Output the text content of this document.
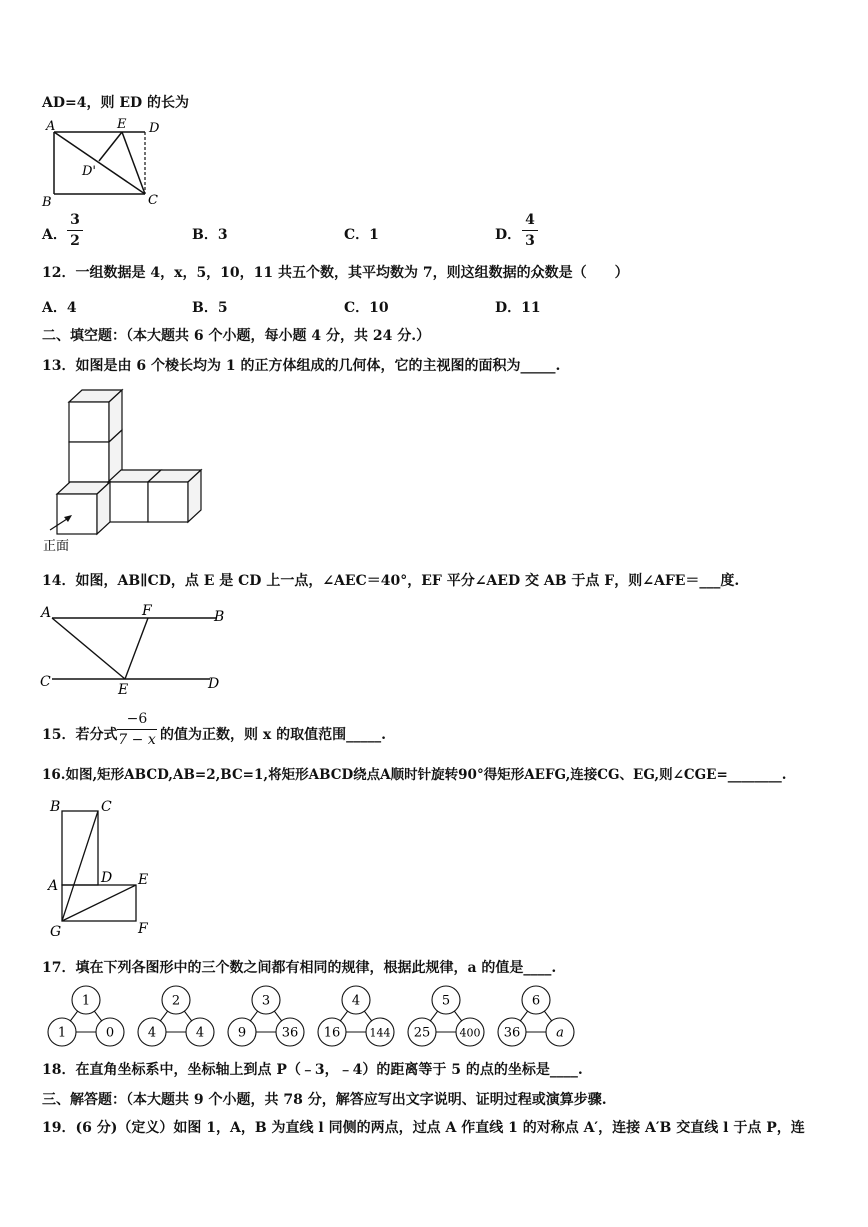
AD=4，则 ED 的长为
A	E D
D'
B	C
A．
3
2	B．3	C．1	D．
4
3
12．一组数据是 4，x，5，10，11 共五个数，其平均数为 7，则这组数据的众数是（　　）
A．4	B．5	C．10	D．11
二、填空题：（本大题共 6 个小题，每小题 4 分，共 24 分.）
13．如图是由 6 个棱长均为 1 的正方体组成的几何体，它的主视图的面积为_____.
正面
14．如图，AB∥CD，点 E 是 CD 上一点，∠AEC＝40°，EF 平分∠AED 交 AB 于点 F，则∠AFE＝___度.
A	F	B
C	E	D
15．若分式
−6
7 − x 的值为正数，则 x 的取值范围_____.
16.如图,矩形ABCD,AB=2,BC=1,将矩形ABCD绕点A顺时针旋转90°得矩形AEFG,连接CG、EG,则∠CGE=________.
B	C
D
A	E
G	F
17．填在下列各图形中的三个数之间都有相同的规律，根据此规律，a 的值是____.
1
1	0
2
4	4
3
9	36
4
16	144
5
25	400
6
36	a
18．在直角坐标系中，坐标轴上到点 P（﹣3，﹣4）的距离等于 5 的点的坐标是____.
三、解答题：（本大题共 9 个小题，共 78 分，解答应写出文字说明、证明过程或演算步骤.
19．(6 分)（定义）如图 1，A，B 为直线 l 同侧的两点，过点 A 作直线 1 的对称点 A′，连接 A′B 交直线 l 于点 P，连
